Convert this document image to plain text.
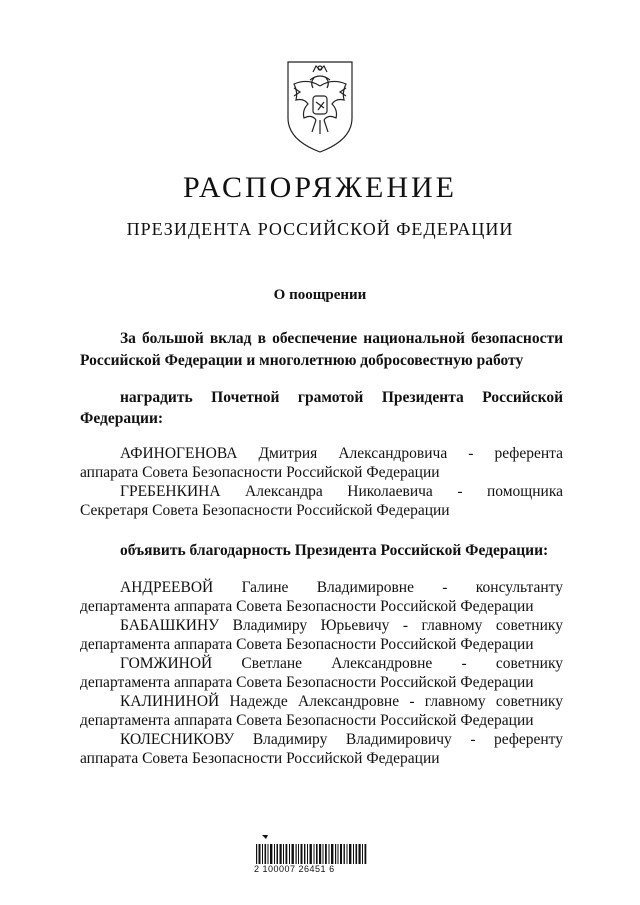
РАСПОРЯЖЕНИЕ
ПРЕЗИДЕНТА РОССИЙСКОЙ ФЕДЕРАЦИИ
О поощрении
За большой вклад в обеспечение национальной безопасности
Российской Федерации и многолетнюю добросовестную работу
наградить Почетной грамотой Президента Российской
Федерации:
АФИНОГЕНОВА Дмитрия Александровича - референта
аппарата Совета Безопасности Российской Федерации
ГРЕБЕНКИНА Александра Николаевича - помощника
Секретаря Совета Безопасности Российской Федерации
объявить благодарность Президента Российской Федерации:
АНДРЕЕВОЙ Галине Владимировне - консультанту
департамента аппарата Совета Безопасности Российской Федерации
БАБАШКИНУ Владимиру Юрьевичу - главному советнику
департамента аппарата Совета Безопасности Российской Федерации
ГОМЖИНОЙ Светлане Александровне - советнику
департамента аппарата Совета Безопасности Российской Федерации
КАЛИНИНОЙ Надежде Александровне - главному советнику
департамента аппарата Совета Безопасности Российской Федерации
КОЛЕСНИКОВУ Владимиру Владимировичу - референту
аппарата Совета Безопасности Российской Федерации
2 100007 26451 6
